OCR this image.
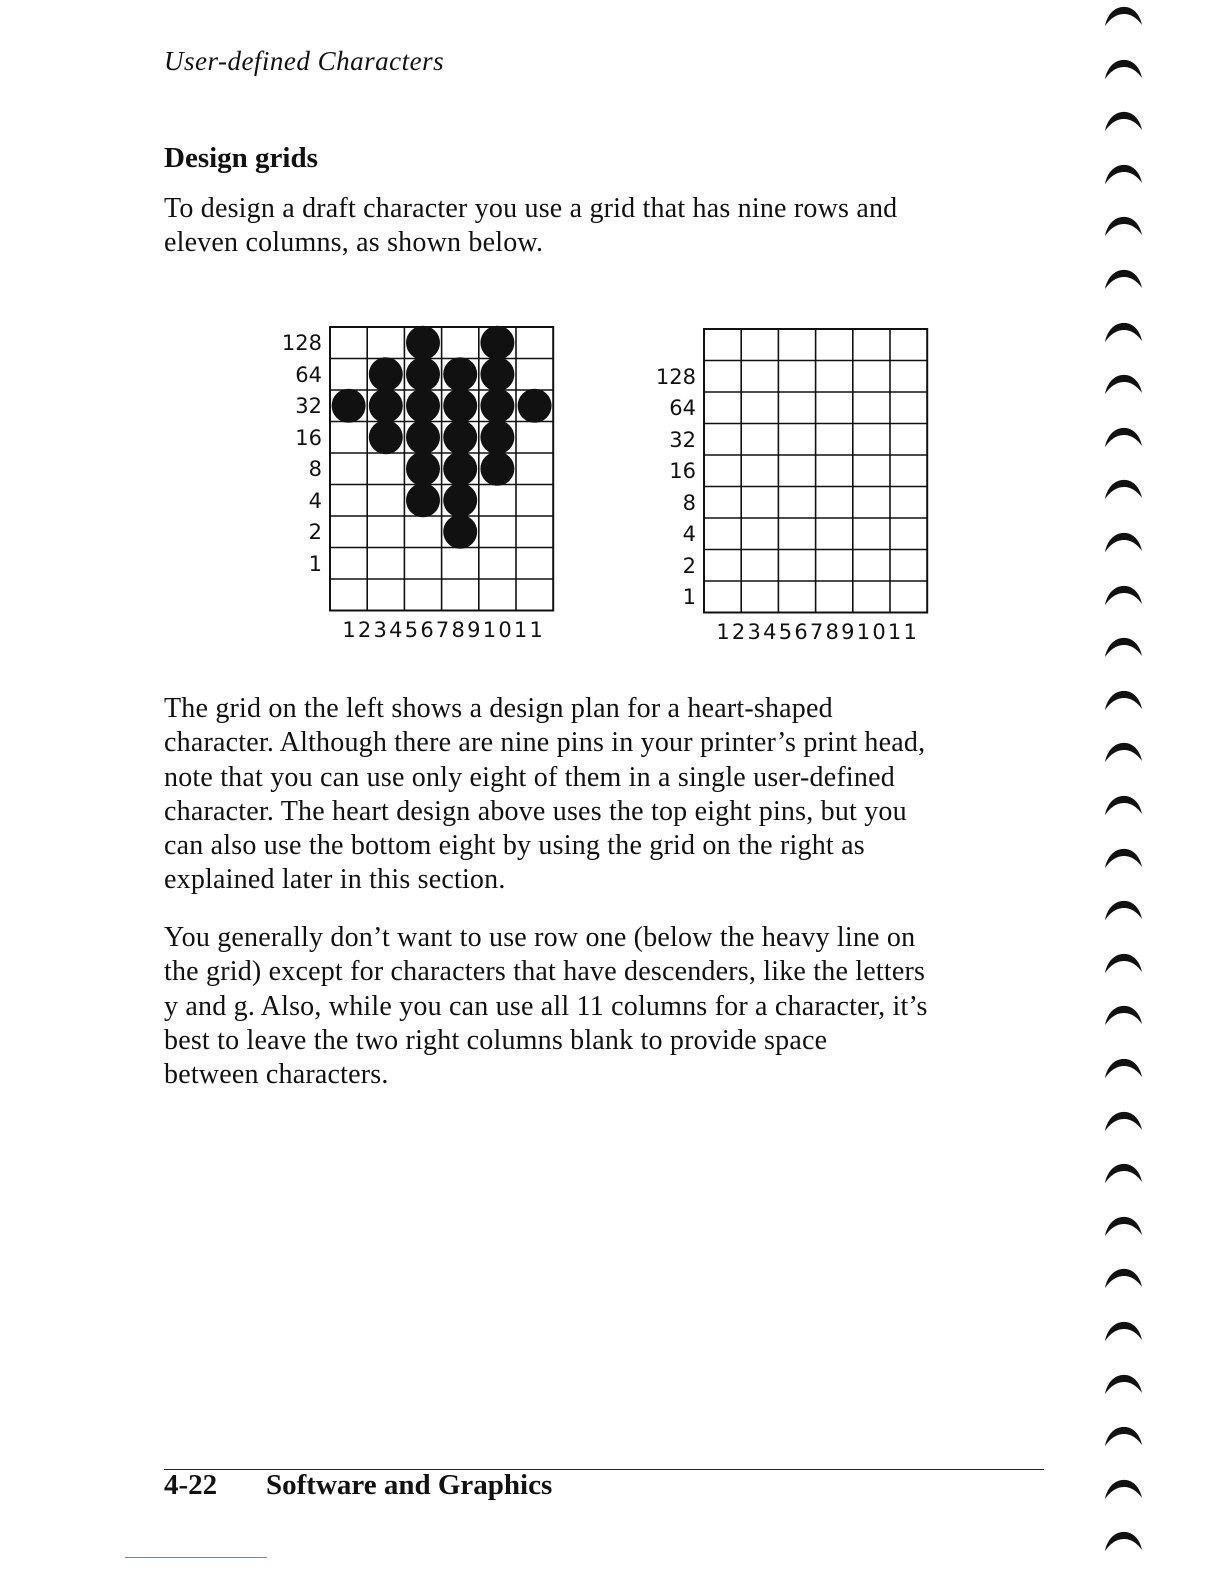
User-defined Characters
Design grids

To design a draft character you use a grid that has nine rows and
eleven columns, as shown below.

128
64
32
16
8
4
2
1
1 2 3 4 5 6 7 8 9 1 0 1 1
128
64
32
16
8
4
2
1
1 2 3 4 5 6 7 8 9 1 0 1 1

The grid on the left shows a design plan for a heart-shaped
character. Although there are nine pins in your printer’s print head,
note that you can use only eight of them in a single user-defined
character. The heart design above uses the top eight pins, but you
can also use the bottom eight by using the grid on the right as
explained later in this section.

You generally don’t want to use row one (below the heavy line on
the grid) except for characters that have descenders, like the letters
y and g. Also, while you can use all 11 columns for a character, it’s
best to leave the two right columns blank to provide space
between characters.

4-22 Software and Graphics
